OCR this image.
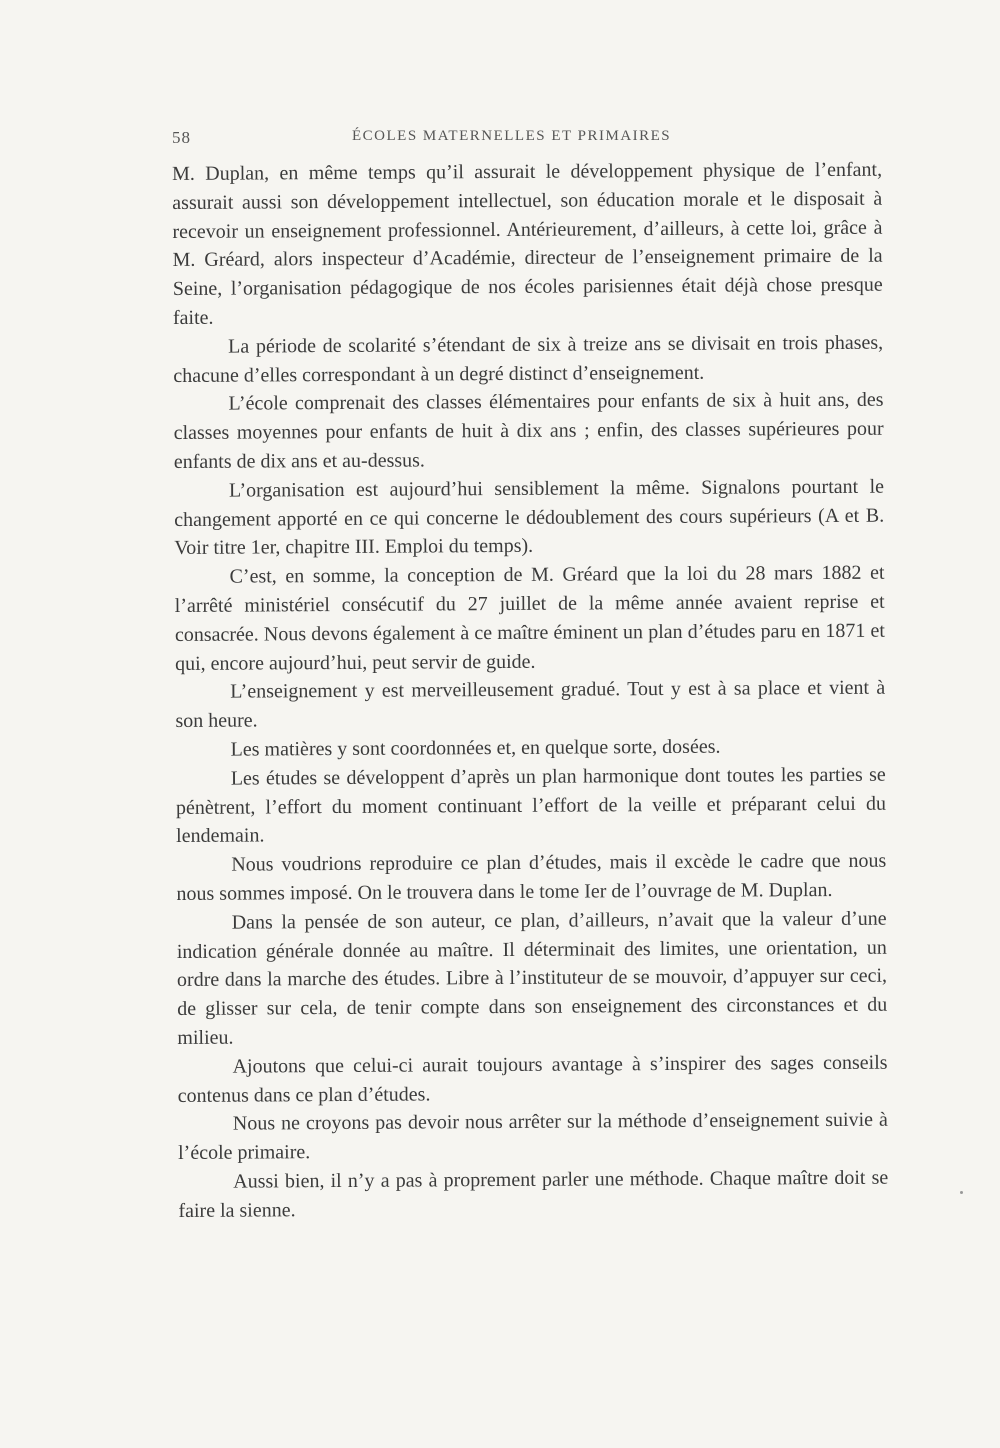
58	ÉCOLES MATERNELLES ET PRIMAIRES

M. Duplan, en même temps qu’il assurait le développement physique de l’enfant, assurait aussi son développement intellectuel, son éducation morale et le disposait à recevoir un enseignement professionnel. Antérieurement, d’ailleurs, à cette loi, grâce à M. Gréard, alors inspecteur d’Académie, directeur de l’enseignement primaire de la Seine, l’organisation pédagogique de nos écoles parisiennes était déjà chose presque faite.

La période de scolarité s’étendant de six à treize ans se divisait en trois phases, chacune d’elles correspondant à un degré distinct d’enseignement.

L’école comprenait des classes élémentaires pour enfants de six à huit ans, des classes moyennes pour enfants de huit à dix ans ; enfin, des classes supérieures pour enfants de dix ans et au-dessus.

L’organisation est aujourd’hui sensiblement la même. Signalons pourtant le changement apporté en ce qui concerne le dédoublement des cours supérieurs (A et B. Voir titre 1er, chapitre III. Emploi du temps).

C’est, en somme, la conception de M. Gréard que la loi du 28 mars 1882 et l’arrêté ministériel consécutif du 27 juillet de la même année avaient reprise et consacrée. Nous devons également à ce maître éminent un plan d’études paru en 1871 et qui, encore aujourd’hui, peut servir de guide.

L’enseignement y est merveilleusement gradué. Tout y est à sa place et vient à son heure.

Les matières y sont coordonnées et, en quelque sorte, dosées.

Les études se développent d’après un plan harmonique dont toutes les parties se pénètrent, l’effort du moment continuant l’effort de la veille et préparant celui du lendemain.

Nous voudrions reproduire ce plan d’études, mais il excède le cadre que nous nous sommes imposé. On le trouvera dans le tome Ier de l’ouvrage de M. Duplan.

Dans la pensée de son auteur, ce plan, d’ailleurs, n’avait que la valeur d’une indication générale donnée au maître. Il déterminait des limites, une orientation, un ordre dans la marche des études. Libre à l’instituteur de se mouvoir, d’appuyer sur ceci, de glisser sur cela, de tenir compte dans son enseignement des circonstances et du milieu.

Ajoutons que celui-ci aurait toujours avantage à s’inspirer des sages conseils contenus dans ce plan d’études.

Nous ne croyons pas devoir nous arrêter sur la méthode d’enseignement suivie à l’école primaire.

Aussi bien, il n’y a pas à proprement parler une méthode. Chaque maître doit se faire la sienne.
